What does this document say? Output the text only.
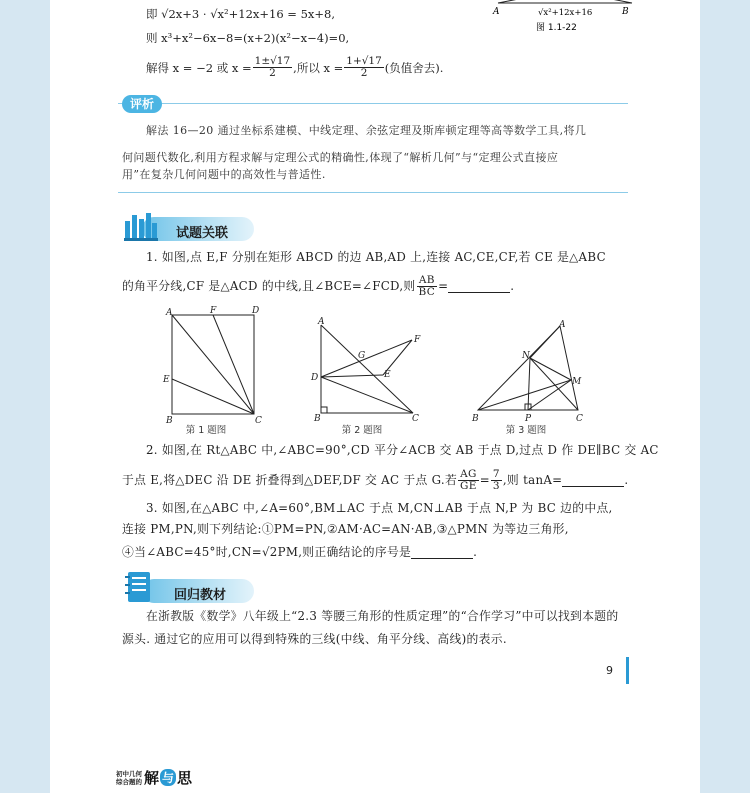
即 √2x+3 · √x²+12x+16 = 5x+8,
则 x³+x²−6x−8=(x+2)(x²−x−4)=0,
解得 x = −2 或 $x = \frac{1\pm√17}{2}$ ,所以 $x = \frac{1+√17}{2}$ (负值舍去).
A	B
√x²+12x+16
图 1.1-22
评析
解法 16—20 通过坐标系建模、中线定理、余弦定理及斯库顿定理等高等数学工具,将几
何问题代数化,利用方程求解与定理公式的精确性,体现了“解析几何”与“定理公式直接应
用”在复杂几何问题中的高效性与普适性.
试题关联
1. 如图,点 E,F 分别在矩形 ABCD 的边 AB,AD 上,连接 AC,CE,CF,若 CE 是△ABC
的角平分线,CF 是△ACD 的中线,且∠BCE=∠FCD,则 $\frac{AB}{BC}$ =	.
A	F	D
E
B	C
第 1 题图
A
G
F
D	E
B	C
第 2 题图
A
N
M
B	P	C
第 3 题图
2. 如图,在 Rt△ABC 中,∠ABC=90°,CD 平分∠ACB 交 AB 于点 D,过点 D 作 DE∥BC 交 AC
于点 E,将△DEC 沿 DE 折叠得到△DEF,DF 交 AC 于点 G.若 $\frac{AG}{GE} = \frac{7}{3}$ ,则 tanA=	.
3. 如图,在△ABC 中,∠A=60°,BM⊥AC 于点 M,CN⊥AB 于点 N,P 为 BC 边的中点,
连接 PM,PN,则下列结论:①PM=PN,②AM·AC=AN·AB,③△PMN 为等边三角形,
④当∠ABC=45°时,CN=√2PM,则正确结论的序号是	.
回归教材
在浙教版《数学》八年级上“2.3 等腰三角形的性质定理”的“合作学习”中可以找到本题的
源头. 通过它的应用可以得到特殊的三线(中线、角平分线、高线)的表示.
9
初中几何
综合题的 解 与 思
